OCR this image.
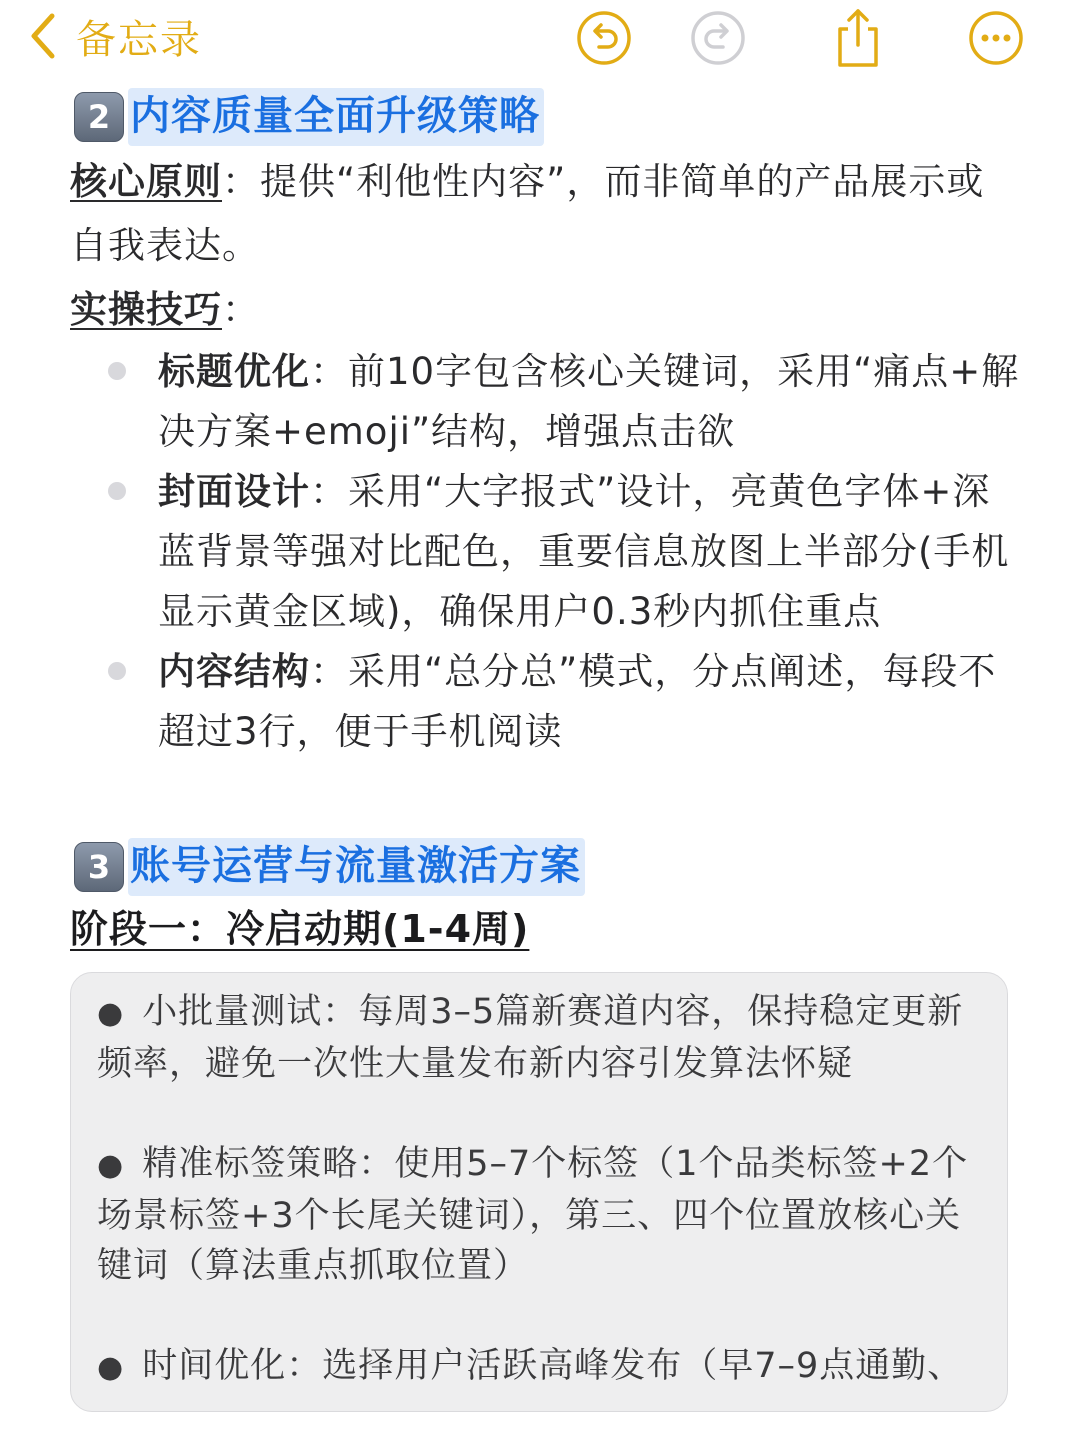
备忘录
2 内容质量全面升级策略

核心原则：提供“利他性内容”，而非简单的产品展示或自我表达。

实操技巧：

标题优化：前10字包含核心关键词，采用“痛点+解决方案+emoji”结构，增强点击欲
封面设计：采用“大字报式”设计，亮黄色字体+深蓝背景等强对比配色，重要信息放图上半部分(手机显示黄金区域)，确保用户0.3秒内抓住重点
内容结构：采用“总分总”模式，分点阐述，每段不超过3行，便于手机阅读
3 账号运营与流量激活方案

阶段一：冷启动期(1-4周)

● 小批量测试：每周3–5篇新赛道内容，保持稳定更新频率，避免一次性大量发布新内容引发算法怀疑

● 精准标签策略：使用5–7个标签（1个品类标签+2个场景标签+3个长尾关键词），第三、四个位置放核心关键词（算法重点抓取位置）

● 时间优化：选择用户活跃高峰发布（早7–9点通勤、
